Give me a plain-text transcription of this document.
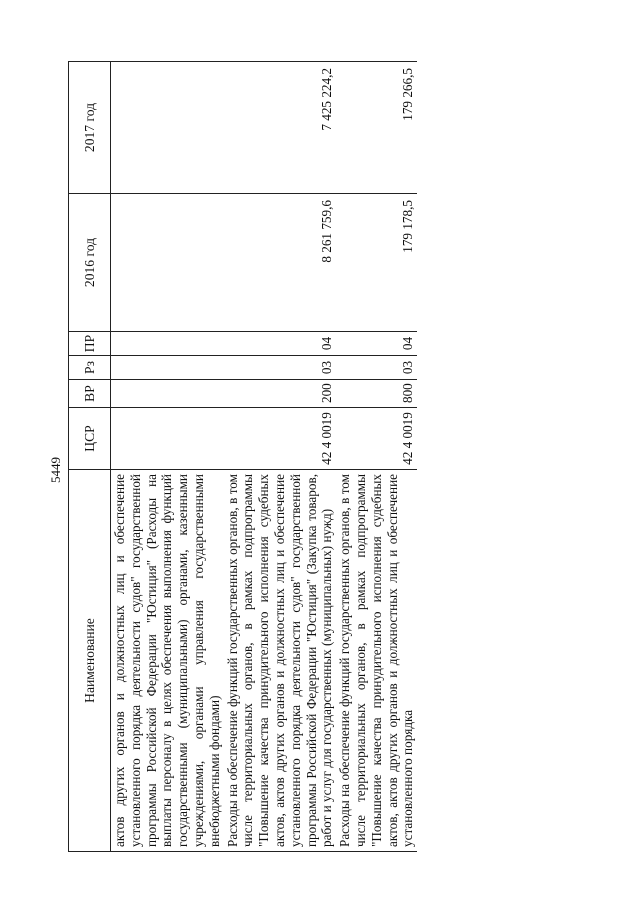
5449
Наименование	ЦСР	ВР	Рз	ПР	2016 год	2017 год
актов других органов и должностных лиц и обеспечение установленного порядка деятельности судов" государственной программы Российской Федерации "Юстиция" (Расходы на выплаты персоналу в целях обеспечения выполнения функций государственными (муниципальными) органами, казенными учреждениями, органами управления государственными внебюджетными фондами)						
Расходы на обеспечение функций государственных органов, в том числе территориальных органов, в рамках подпрограммы "Повышение качества принудительного исполнения судебных актов, актов других органов и должностных лиц и обеспечение установленного порядка деятельности судов" государственной программы Российской Федерации "Юстиция" (Закупка товаров, работ и услуг для государственных (муниципальных) нужд)	42 4 0019	200	03	04	8 261 759,6	7 425 224,2
Расходы на обеспечение функций государственных органов, в том числе территориальных органов, в рамках подпрограммы "Повышение качества принудительного исполнения судебных актов, актов других органов и должностных лиц и обеспечение установленного порядка	42 4 0019	800	03	04	179 178,5	179 266,5
